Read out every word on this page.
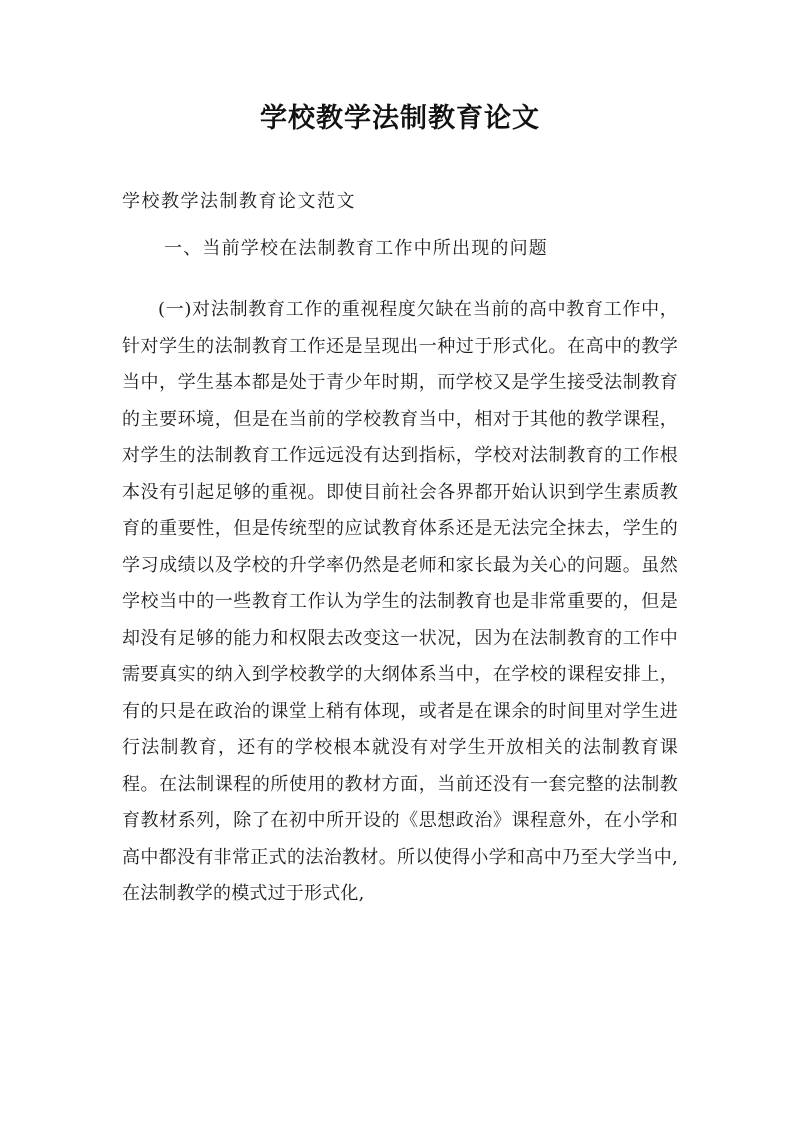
学校教学法制教育论文
学校教学法制教育论文范文
一、当前学校在法制教育工作中所出现的问题

(一)对法制教育工作的重视程度欠缺在当前的高中教育工作中，针对学生的法制教育工作还是呈现出一种过于形式化。在高中的教学当中，学生基本都是处于青少年时期，而学校又是学生接受法制教育的主要环境，但是在当前的学校教育当中，相对于其他的教学课程，对学生的法制教育工作远远没有达到指标，学校对法制教育的工作根本没有引起足够的重视。即使目前社会各界都开始认识到学生素质教育的重要性，但是传统型的应试教育体系还是无法完全抹去，学生的学习成绩以及学校的升学率仍然是老师和家长最为关心的问题。虽然学校当中的一些教育工作认为学生的法制教育也是非常重要的，但是却没有足够的能力和权限去改变这一状况，因为在法制教育的工作中需要真实的纳入到学校教学的大纲体系当中，在学校的课程安排上，有的只是在政治的课堂上稍有体现，或者是在课余的时间里对学生进行法制教育，还有的学校根本就没有对学生开放相关的法制教育课程。在法制课程的所使用的教材方面，当前还没有一套完整的法制教育教材系列，除了在初中所开设的《思想政治》课程意外，在小学和高中都没有非常正式的法治教材。所以使得小学和高中乃至大学当中,在法制教学的模式过于形式化,
